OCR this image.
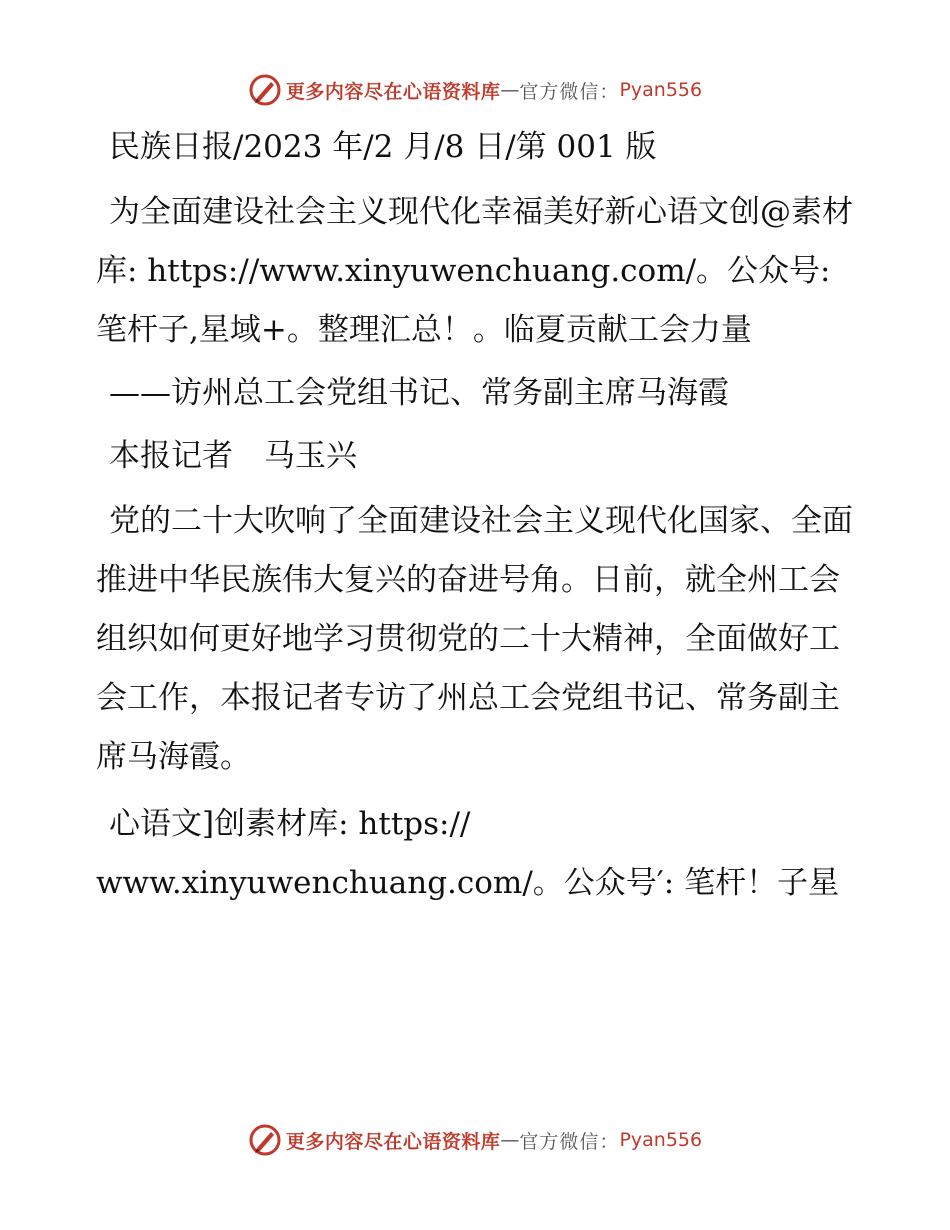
更多内容尽在心语资料库 — 官方微信： Pyan556

民族日报/2023 年/2 月/8 日/第 001 版

为全面建设社会主义现代化幸福美好新心语文创@素材库: https://www.xinyuwenchuang.com/。公众号: 笔杆子,星域+。整理汇总！。临夏贡献工会力量

——访州总工会党组书记、常务副主席马海霞

本报记者　马玉兴

党的二十大吹响了全面建设社会主义现代化国家、全面推进中华民族伟大复兴的奋进号角。日前，就全州工会组织如何更好地学习贯彻党的二十大精神，全面做好工会工作，本报记者专访了州总工会党组书记、常务副主席马海霞。

心语文]创素材库: https://

www.xinyuwenchuang.com/。公众号′: 笔杆！子星

更多内容尽在心语资料库 — 官方微信： Pyan556
